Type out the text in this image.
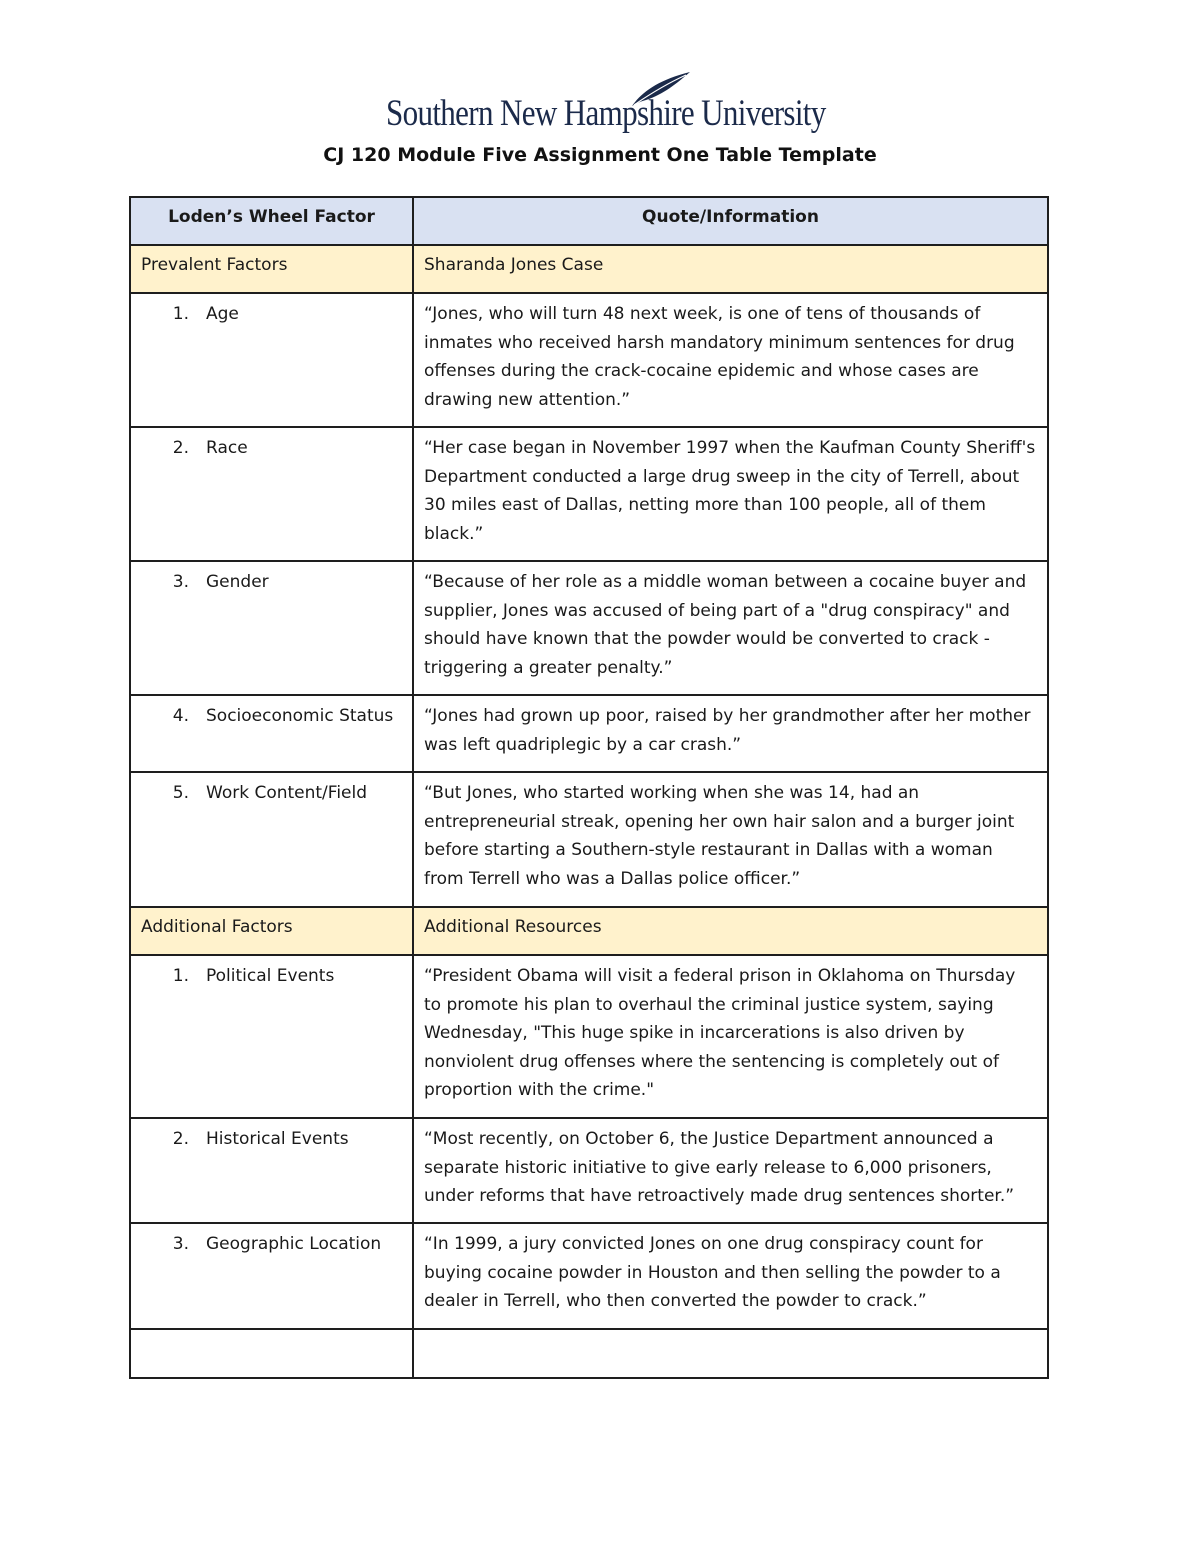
Southern New Hampshire University
CJ 120 Module Five Assignment One Table Template
Loden’s Wheel Factor	Quote/Information
Prevalent Factors	Sharanda Jones Case
1. Age	“Jones, who will turn 48 next week, is one of tens of thousands of inmates who received harsh mandatory minimum sentences for drug offenses during the crack-cocaine epidemic and whose cases are drawing new attention.”
2. Race	“Her case began in November 1997 when the Kaufman County Sheriff's Department conducted a large drug sweep in the city of Terrell, about 30 miles east of Dallas, netting more than 100 people, all of them black.”
3. Gender	“Because of her role as a middle woman between a cocaine buyer and supplier, Jones was accused of being part of a "drug conspiracy" and should have known that the powder would be converted to crack - triggering a greater penalty.”
4. Socioeconomic Status	“Jones had grown up poor, raised by her grandmother after her mother was left quadriplegic by a car crash.”
5. Work Content/Field	“But Jones, who started working when she was 14, had an entrepreneurial streak, opening her own hair salon and a burger joint before starting a Southern-style restaurant in Dallas with a woman from Terrell who was a Dallas police officer.”
Additional Factors	Additional Resources
1. Political Events	“President Obama will visit a federal prison in Oklahoma on Thursday to promote his plan to overhaul the criminal justice system, saying Wednesday, "This huge spike in incarcerations is also driven by nonviolent drug offenses where the sentencing is completely out of proportion with the crime."
2. Historical Events	“Most recently, on October 6, the Justice Department announced a separate historic initiative to give early release to 6,000 prisoners, under reforms that have retroactively made drug sentences shorter.”
3. Geographic Location	“In 1999, a jury convicted Jones on one drug conspiracy count for buying cocaine powder in Houston and then selling the powder to a dealer in Terrell, who then converted the powder to crack.”
